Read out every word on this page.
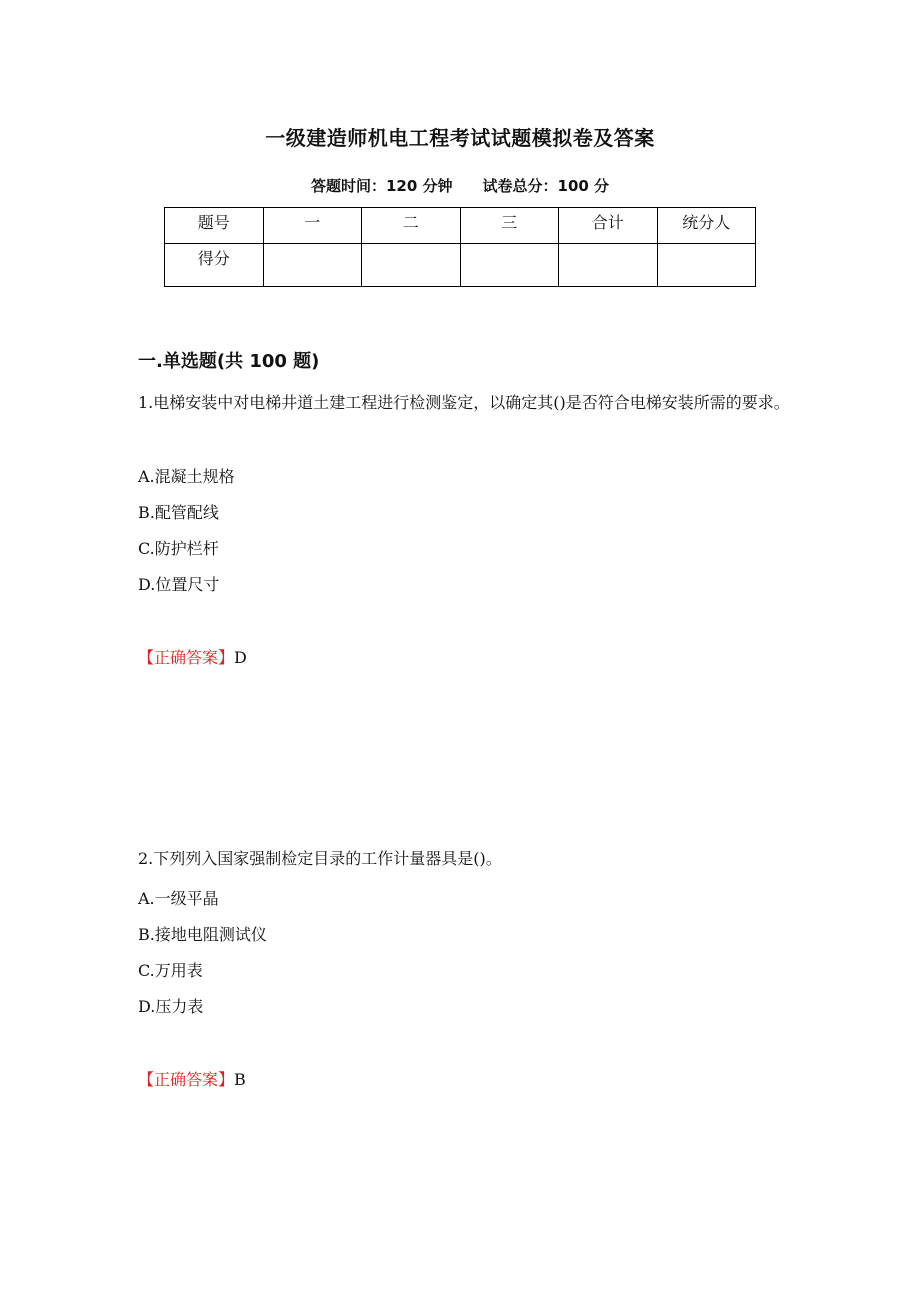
一级建造师机电工程考试试题模拟卷及答案
答题时间：120 分钟 试卷总分：100 分
题号	一	二	三	合计	统分人
得分					
一.单选题(共 100 题)
1.电梯安装中对电梯井道土建工程进行检测鉴定，以确定其()是否符合电梯安装所需的要求。
A.混凝土规格
B.配管配线
C.防护栏杆
D.位置尺寸
【正确答案】D
2.下列列入国家强制检定目录的工作计量器具是()。
A.一级平晶
B.接地电阻测试仪
C.万用表
D.压力表
【正确答案】B
